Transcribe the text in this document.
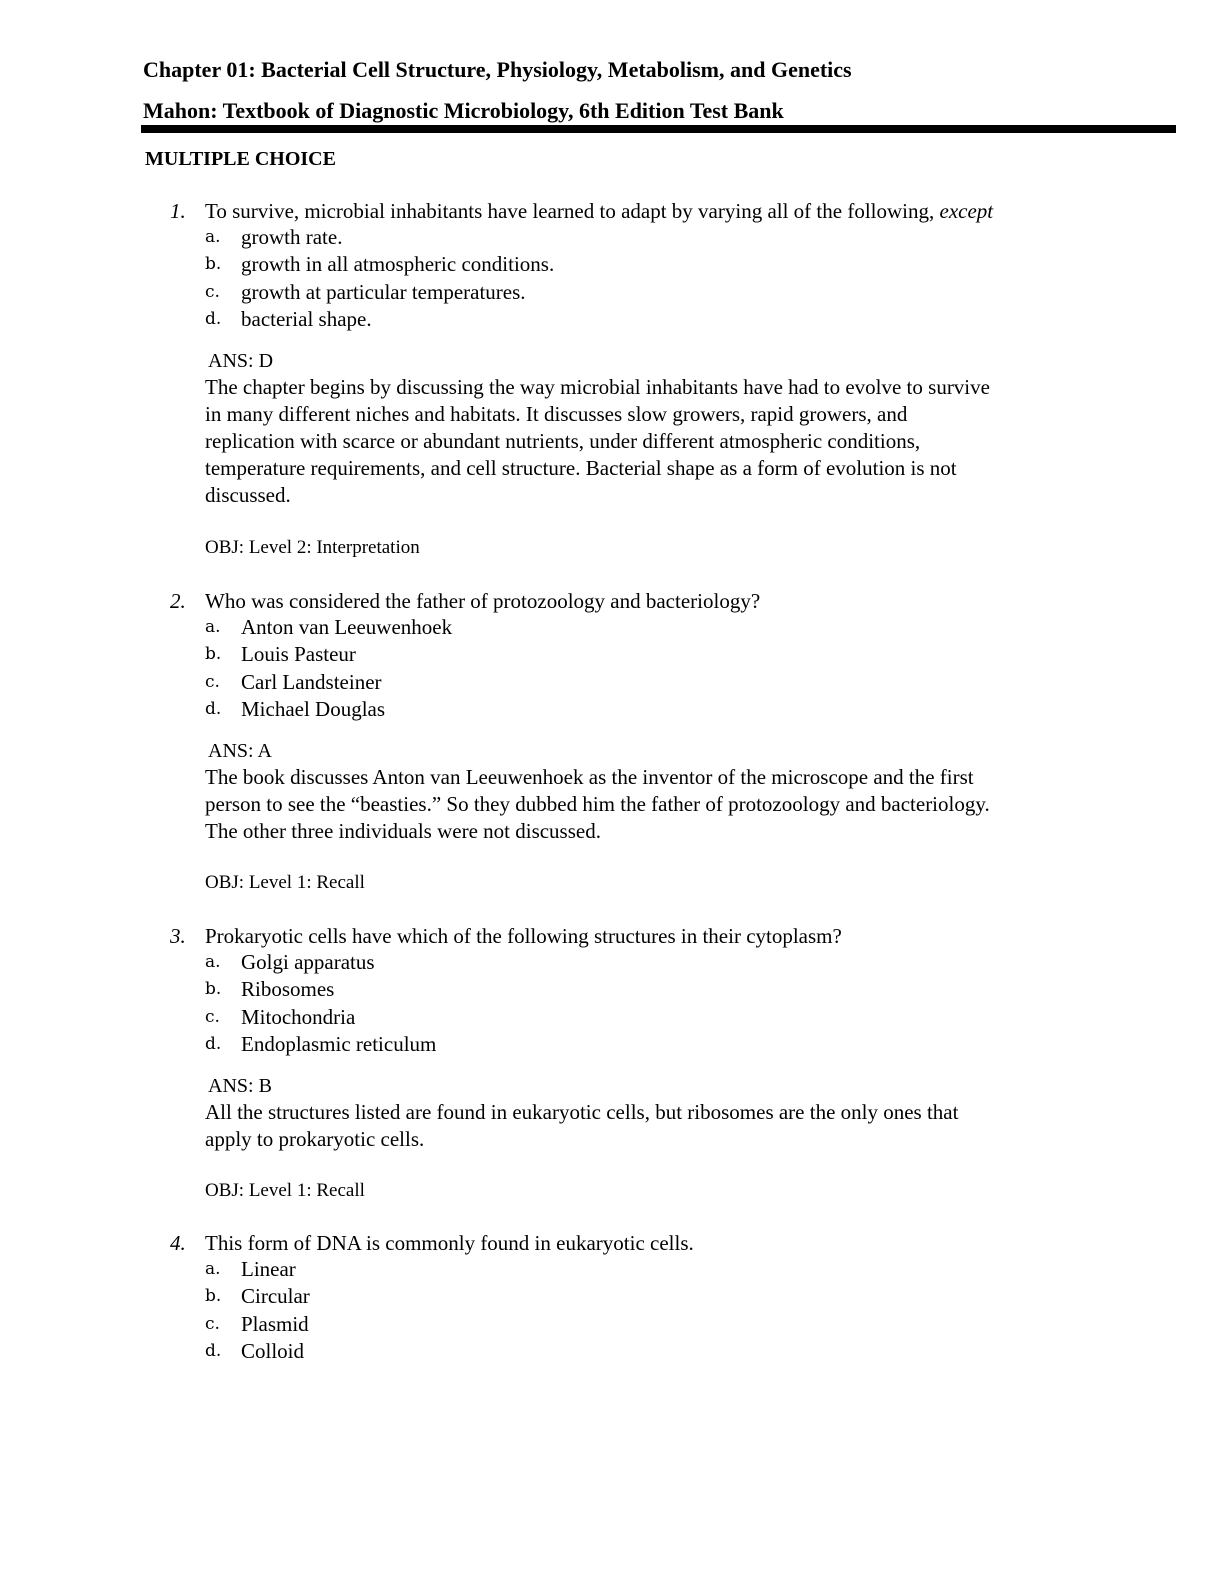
Chapter 01: Bacterial Cell Structure, Physiology, Metabolism, and Genetics
Mahon: Textbook of Diagnostic Microbiology, 6th Edition Test Bank
MULTIPLE CHOICE
1. To survive, microbial inhabitants have learned to adapt by varying all of the following, except
a. growth rate.
b. growth in all atmospheric conditions.
c. growth at particular temperatures.
d. bacterial shape.
ANS: D
The chapter begins by discussing the way microbial inhabitants have had to evolve to survive
in many different niches and habitats. It discusses slow growers, rapid growers, and
replication with scarce or abundant nutrients, under different atmospheric conditions,
temperature requirements, and cell structure. Bacterial shape as a form of evolution is not
discussed.
OBJ: Level 2: Interpretation
2. Who was considered the father of protozoology and bacteriology?
a. Anton van Leeuwenhoek
b. Louis Pasteur
c. Carl Landsteiner
d. Michael Douglas
ANS: A
The book discusses Anton van Leeuwenhoek as the inventor of the microscope and the first
person to see the “beasties.” So they dubbed him the father of protozoology and bacteriology.
The other three individuals were not discussed.
OBJ: Level 1: Recall
3. Prokaryotic cells have which of the following structures in their cytoplasm?
a. Golgi apparatus
b. Ribosomes
c. Mitochondria
d. Endoplasmic reticulum
ANS: B
All the structures listed are found in eukaryotic cells, but ribosomes are the only ones that
apply to prokaryotic cells.
OBJ: Level 1: Recall
4. This form of DNA is commonly found in eukaryotic cells.
a. Linear
b. Circular
c. Plasmid
d. Colloid
